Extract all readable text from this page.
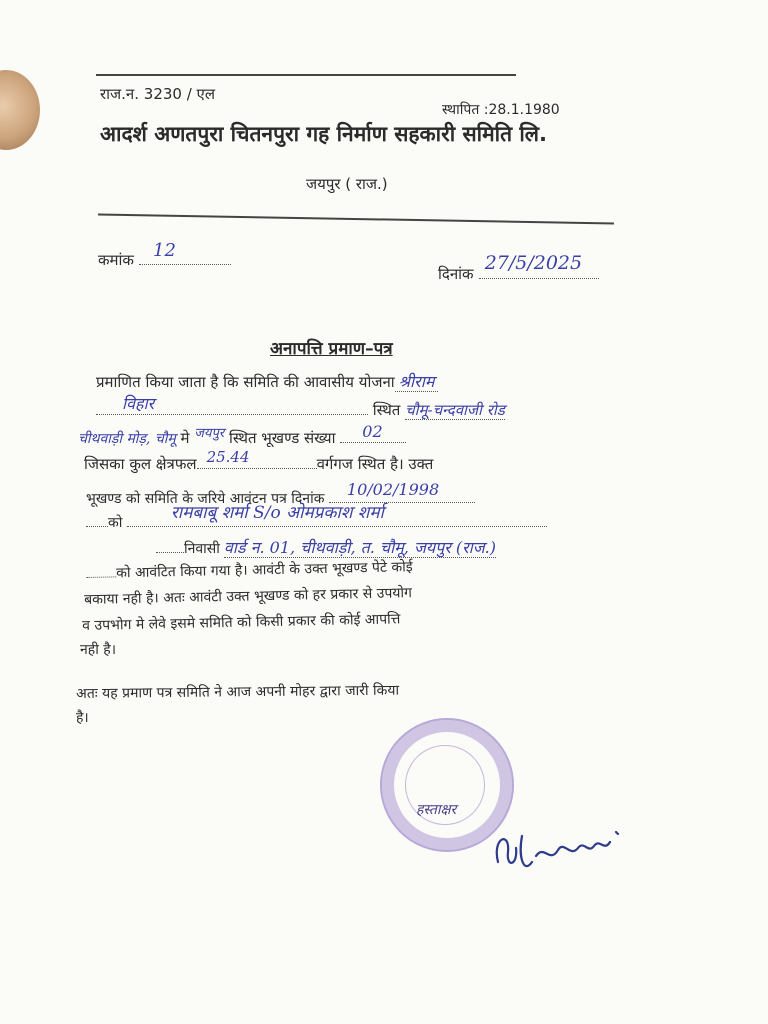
राज.न. 3230 / एल
स्थापित :28.1.1980
आदर्श अणतपुरा चितनपुरा गह निर्माण सहकारी समिति लि.
जयपुर ( राज.)
कमांक 12
दिनांक 27/5/2025
अनापत्ति प्रमाण–पत्र
प्रमाणित किया जाता है कि समिति की आवासीय योजना श्रीराम
विहार	स्थित चौमू-चन्दवाजी रोड
चीथवाड़ी मोड़, चौमू मे जयपुर स्थित भूखण्ड संख्या 02
जिसका कुल क्षेत्रफल 25.44	वर्गगज स्थित है। उक्त
भूखण्ड को समिति के जरिये आवंटन पत्र दिनांक 10/02/1998
को	रामबाबू शर्मा S/o ओमप्रकाश शर्मा
निवासी वार्ड न. 01, चीथवाड़ी, त. चौमू, जयपुर (राज.)
को आवंटित किया गया है। आवंटी के उक्त भूखण्ड पेटे कोई
बकाया नही है। अतः आवंटी उक्त भूखण्ड को हर प्रकार से उपयोग
व उपभोग मे लेवे इसमे समिति को किसी प्रकार की कोई आपत्ति
नही है।
अतः यह प्रमाण पत्र समिति ने आज अपनी मोहर द्वारा जारी किया
है।
हस्ताक्षर
